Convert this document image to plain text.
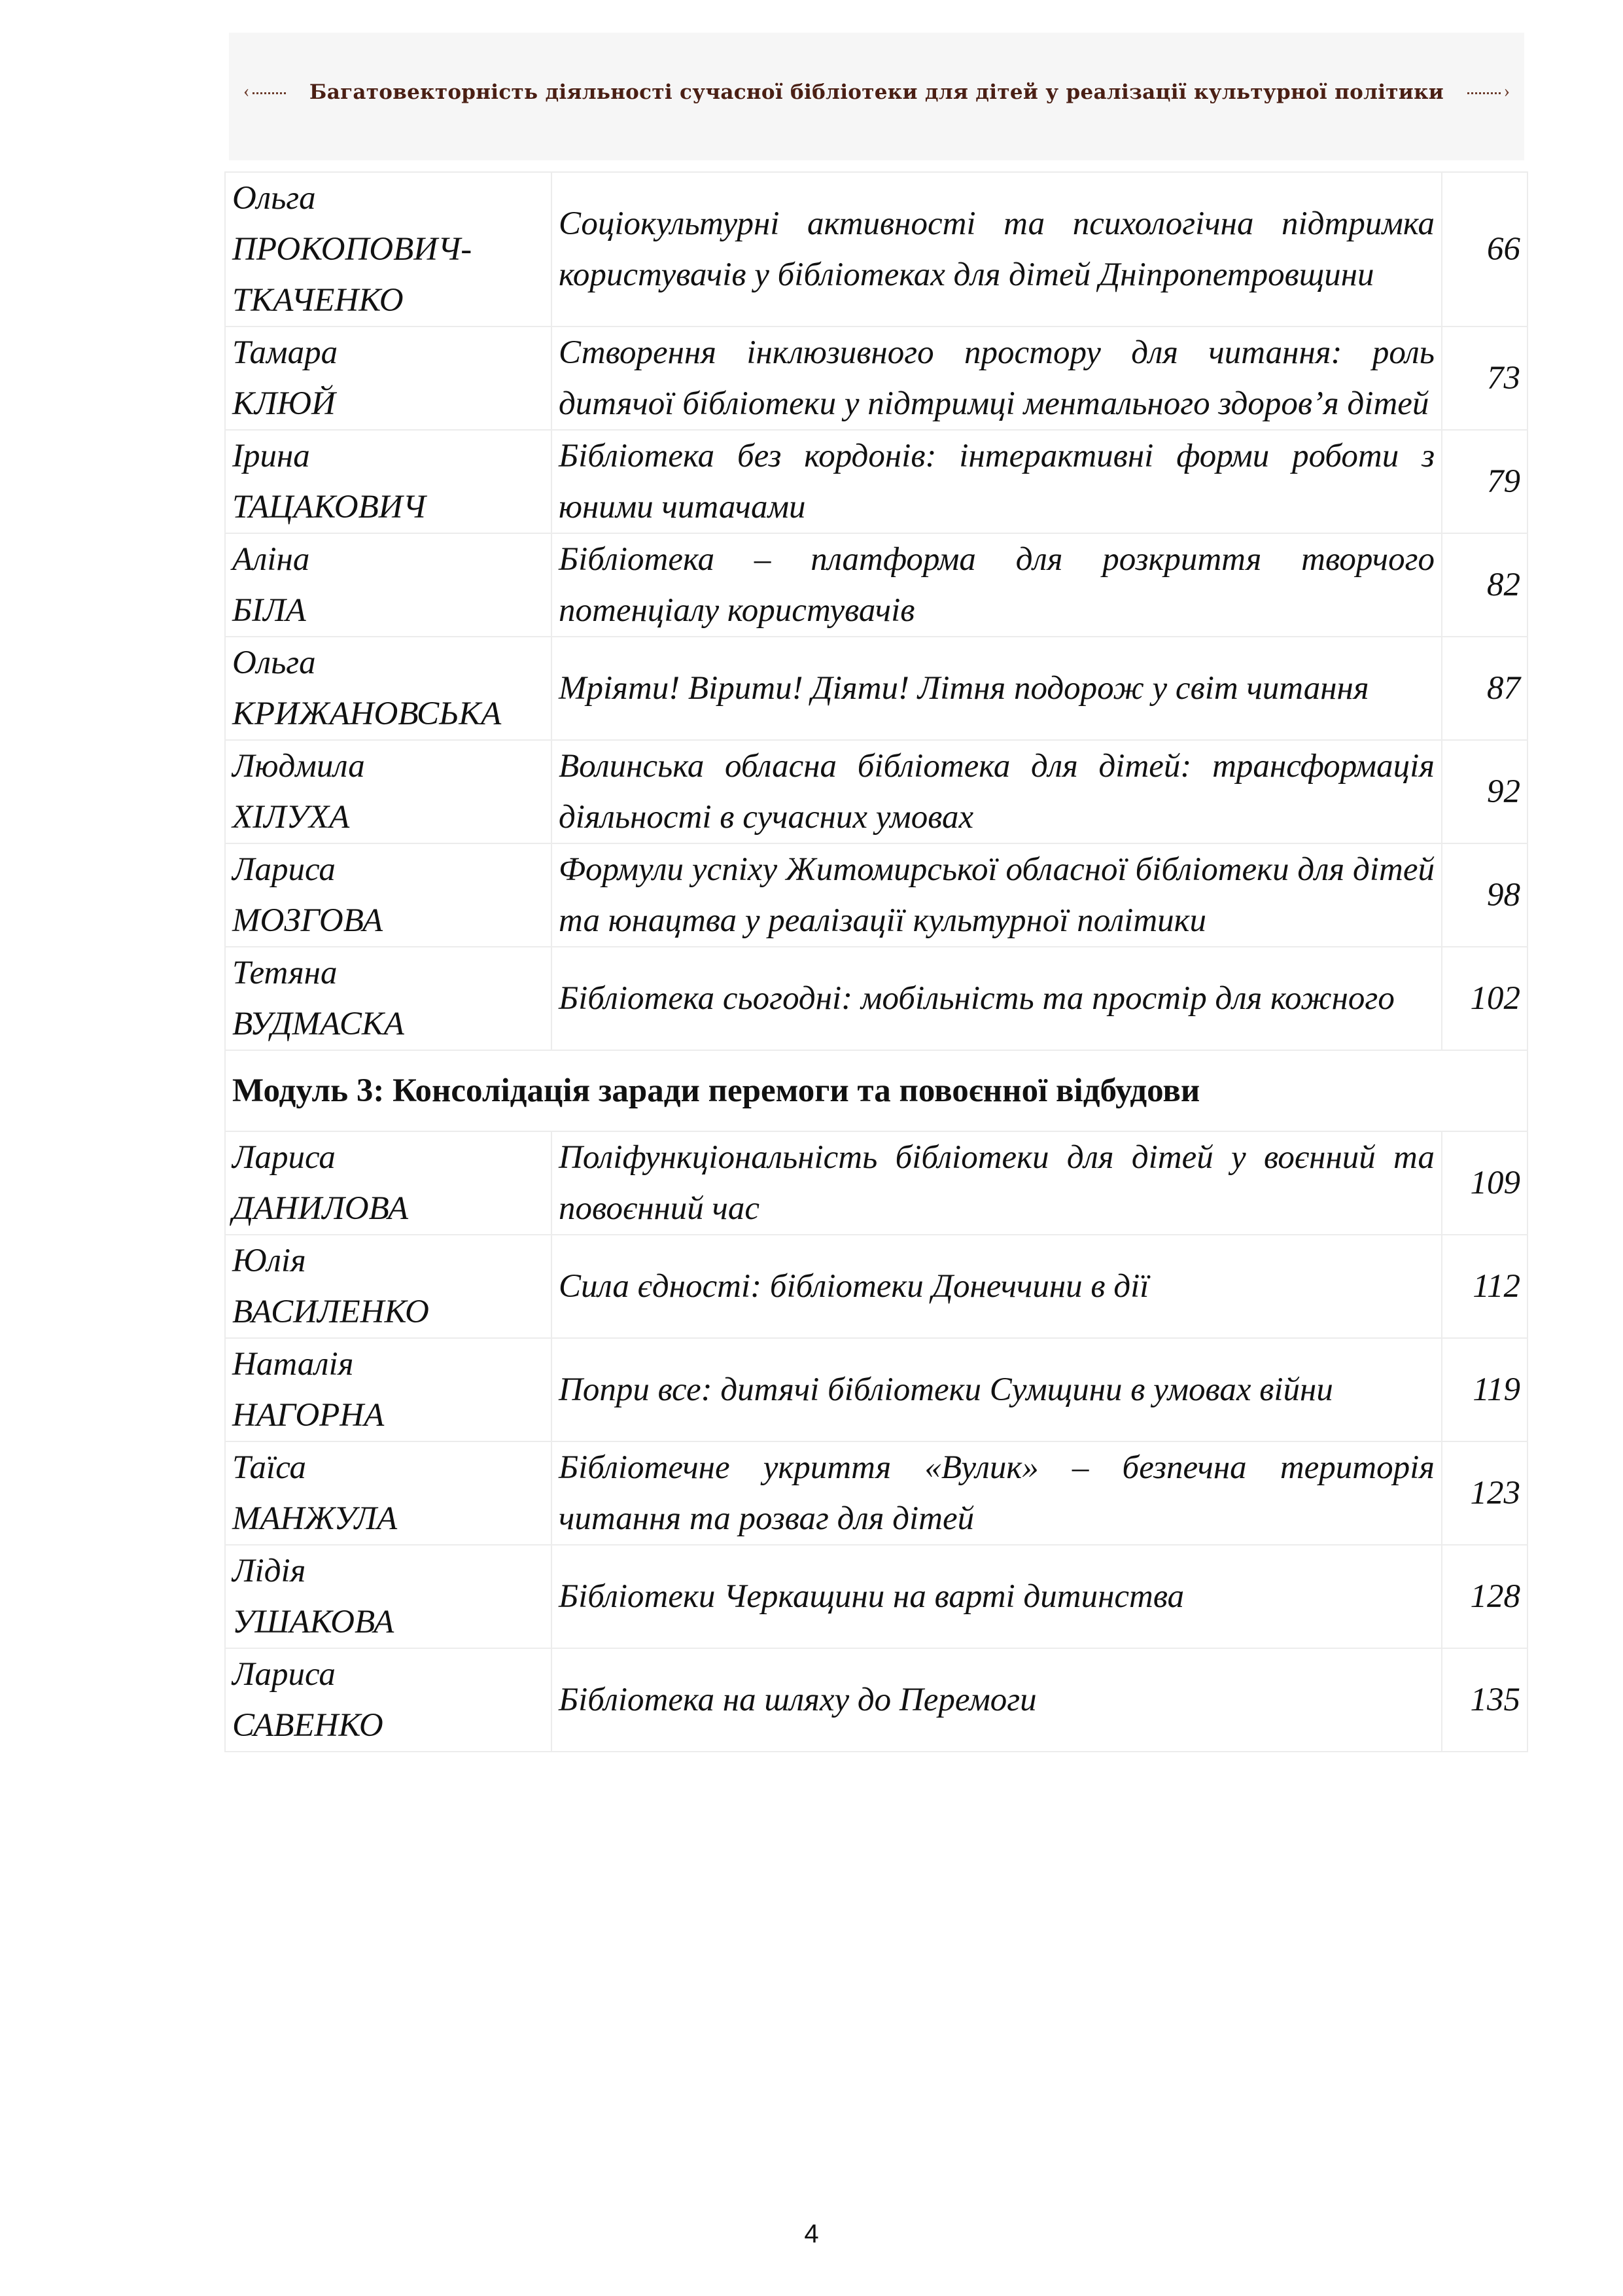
‹	Багатовекторність діяльності сучасної бібліотеки для дітей у реалізації культурної політики	›
Ольга
ПРОКОПОВИЧ-ТКАЧЕНКО	Соціокультурні активності та психологічна підтримка користувачів у бібліотеках для дітей Дніпропетровщини	66
Тамара
КЛЮЙ	Створення інклюзивного простору для читання: роль дитячої бібліотеки у підтримці ментального здоров’я дітей	73
Ірина
ТАЦАКОВИЧ	Бібліотека без кордонів: інтерактивні форми роботи з юними читачами	79
Аліна
БІЛА	Бібліотека – платформа для розкриття творчого потенціалу користувачів	82
Ольга
КРИЖАНОВСЬКА	Мріяти! Вірити! Діяти! Літня подорож у світ читання	87
Людмила
ХІЛУХА	Волинська обласна бібліотека для дітей: трансформація діяльності в сучасних умовах	92
Лариса
МОЗГОВА	Формули успіху Житомирської обласної бібліотеки для дітей та юнацтва у реалізації культурної політики	98
Тетяна
ВУДМАСКА	Бібліотека сьогодні: мобільність та простір для кожного	102
Модуль 3: Консолідація заради перемоги та повоєнної відбудови		
Лариса
ДАНИЛОВА	Поліфункціональність бібліотеки для дітей у воєнний та повоєнний час	109
Юлія
ВАСИЛЕНКО	Сила єдності: бібліотеки Донеччини в дії	112
Наталія
НАГОРНА	Попри все: дитячі бібліотеки Сумщини в умовах війни	119
Таїса
МАНЖУЛА	Бібліотечне укриття «Вулик» – безпечна територія читання та розваг для дітей	123
Лідія
УШАКОВА	Бібліотеки Черкащини на варті дитинства	128
Лариса
САВЕНКО	Бібліотека на шляху до Перемоги	135
4
